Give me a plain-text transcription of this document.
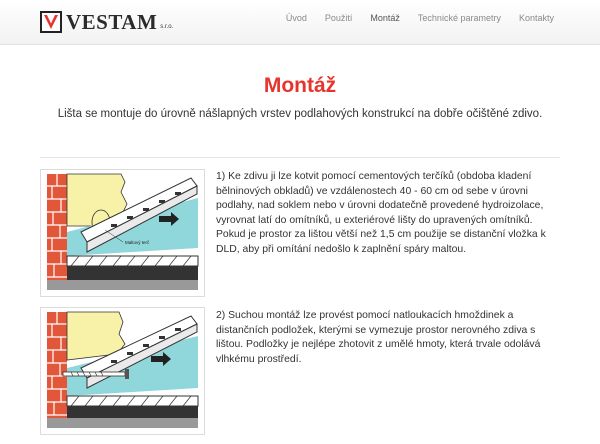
VESTAM s.r.o.
Úvod Použití Montáž Technické parametry Kontakty
Montáž
Lišta se montuje do úrovně nášlapných vrstev podlahových konstrukcí na dobře očištěné zdivo.
Maltový terč

1) Ke zdivu ji lze kotvit pomocí cementových terčíků (obdoba kladení bělninových obkladů) ve vzdálenostech 40 - 60 cm od sebe v úrovni podlahy, nad soklem nebo v úrovni dodatečně provedené hydroizolace, vyrovnat latí do omítníků, u exteriérové lišty do upravených omítníků.

Pokud je prostor za lištou větší než 1,5 cm použije se distanční vložka k DLD, aby při omítání nedošlo k zaplnění spáry maltou.

2) Suchou montáž lze provést pomocí natloukacích hmoždinek a distančních podložek, kterými se vymezuje prostor nerovného zdiva s lištou. Podložky je nejlépe zhotovit z umělé hmoty, která trvale odolává vlhkému prostředí.
